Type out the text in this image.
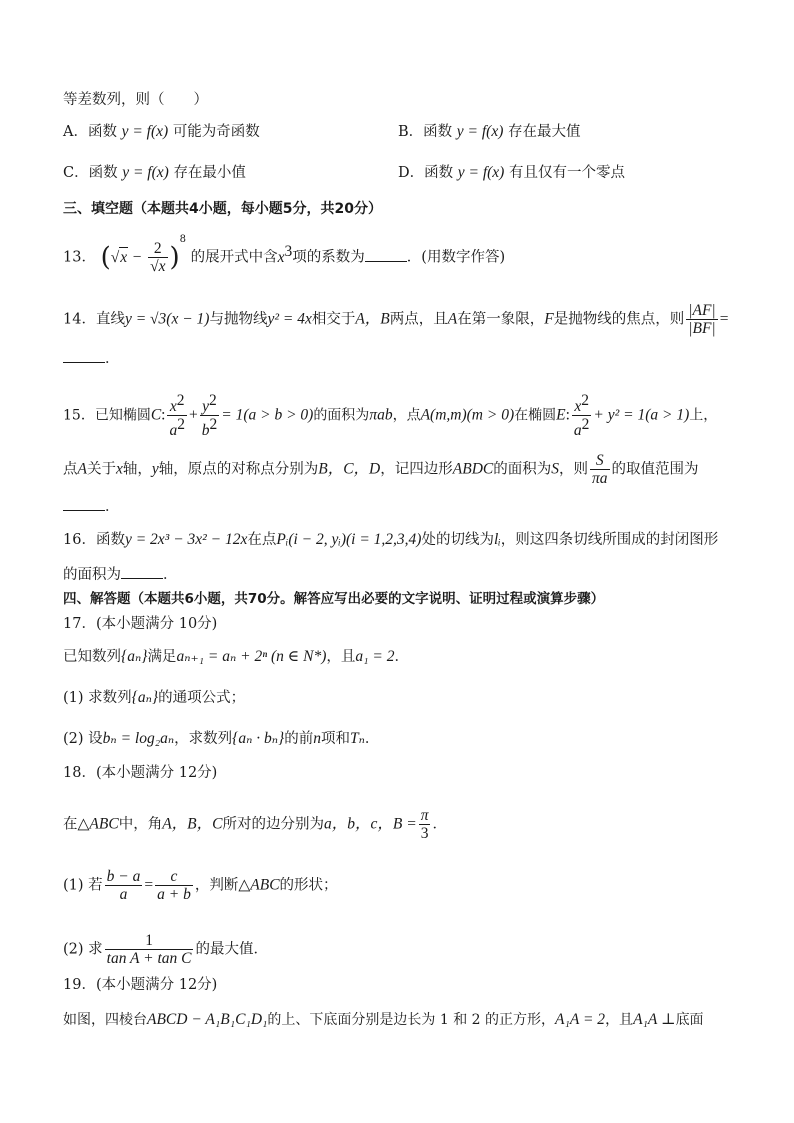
等差数列，则（　　）
A．函数 y = f(x) 可能为奇函数	B．函数 y = f(x) 存在最大值
C．函数 y = f(x) 存在最小值	D．函数 y = f(x) 有且仅有一个零点
三、填空题（本题共4小题，每小题5分，共20分）
13． $(√x - \frac{2}{√x} )^8$ 的展开式中含$x^3$项的系数为	．(用数字作答)
14．直线y = √3(x − 1)与抛物线y² = 4x相交于A，B两点，且A在第一象限，F是抛物线的焦点，则 $\frac{|AF|}{|BF|}$ =
．
15．已知椭圆C: $\frac{x^2}{a^2} + \frac{y^2}{b^2} = 1(a > b > 0)$的面积为πab，点A(m,m)(m > 0)在椭圆E: $\frac{x^2}{a^2} + y^2 = 1(a > 1)$上，
点A关于x轴，y轴，原点的对称点分别为B，C，D，记四边形ABDC的面积为S，则 $\frac{S}{\pi a}$ 的取值范围为
．
16．函数y = 2x³ − 3x² − 12x在点Pᵢ(i − 2, yᵢ)(i = 1,2,3,4)处的切线为lᵢ，则这四条切线所围成的封闭图形
的面积为	．
四、解答题（本题共6小题，共70分。解答应写出必要的文字说明、证明过程或演算步骤）
17．(本小题满分 10分)
已知数列{aₙ}满足aₙ₊₁ = aₙ + 2ⁿ (n ∈ N*)，且a₁ = 2．
(1) 求数列{aₙ}的通项公式；
(2) 设bₙ = log₂aₙ，求数列{aₙ · bₙ}的前n项和Tₙ．
18．(本小题满分 12分)
在△ABC中，角A，B，C所对的边分别为a，b，c，$B = \frac{\pi}{3}$ ．
(1) 若 $\frac{b - a}{a} = \frac{c}{a + b}$ ，判断△ABC的形状；
(2) 求 $\frac{1}{\text{tan A + tan C}}$ 的最大值．
19．(本小题满分 12分)
如图，四棱台ABCD − A₁B₁C₁D₁的上、下底面分别是边长为 1 和 2 的正方形，A₁A = 2，且A₁A ⊥底面
